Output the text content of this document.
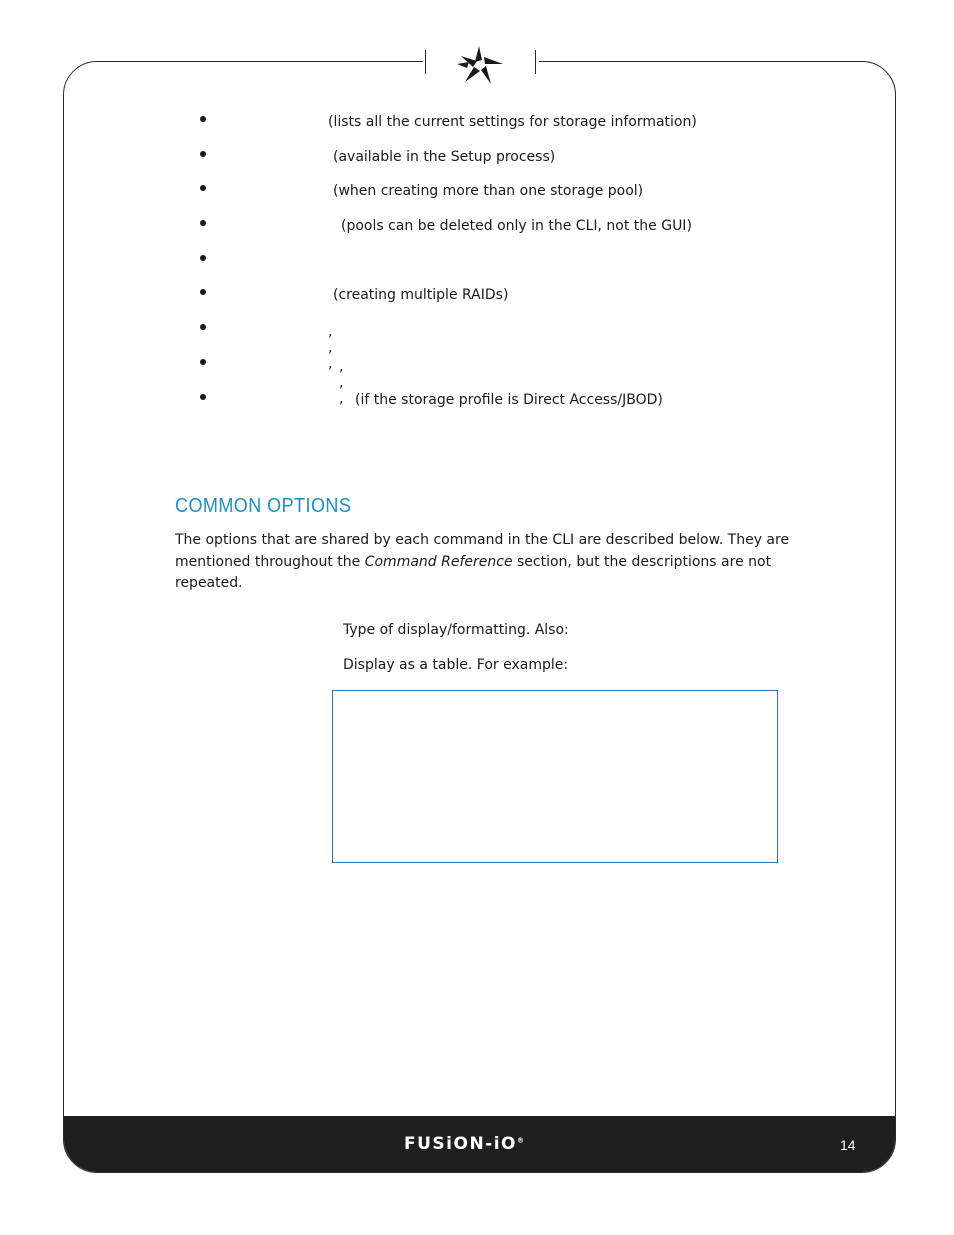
(lists all the current settings for storage information)
(available in the Setup process)
(when creating more than one storage pool)
(pools can be deleted only in the CLI, not the GUI)
(creating multiple RAIDs)
, , , , , , (if the storage profile is Direct Access/JBOD)
COMMON OPTIONS

The options that are shared by each command in the CLI are described below. They are mentioned throughout the Command Reference section, but the descriptions are not repeated.

Type of display/formatting. Also:
Display as a table. For example:
FUSiON-iO®	14
